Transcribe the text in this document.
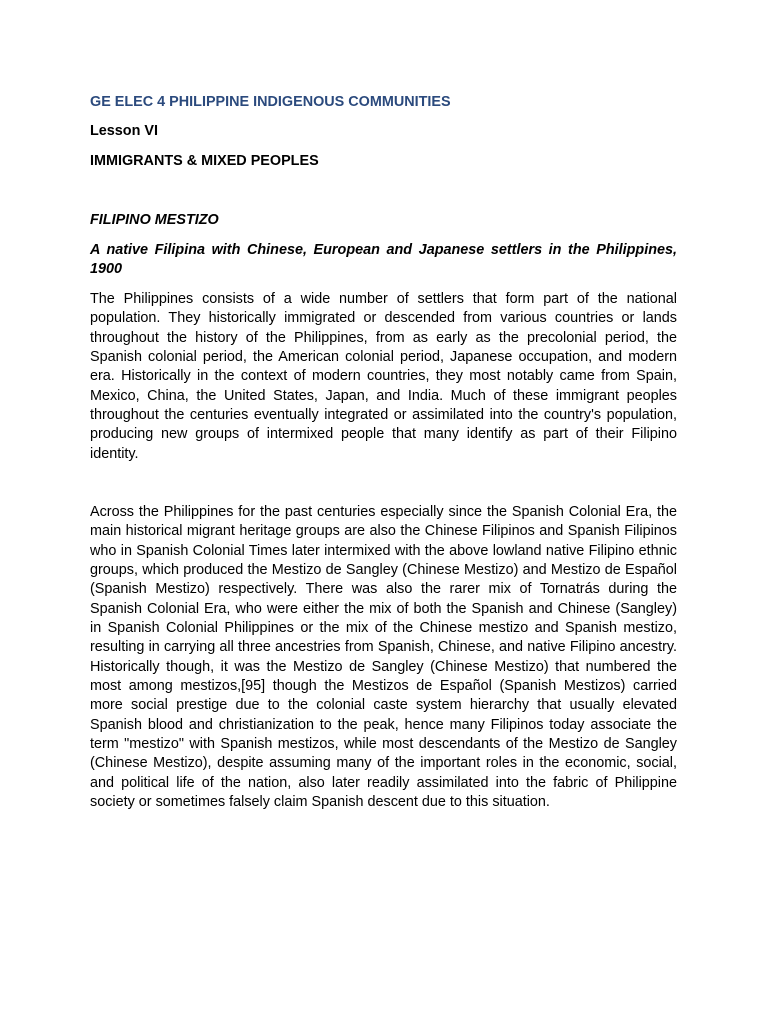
GE ELEC 4 PHILIPPINE INDIGENOUS COMMUNITIES
Lesson VI
IMMIGRANTS & MIXED PEOPLES
FILIPINO MESTIZO
A native Filipina with Chinese, European and Japanese settlers in the Philippines, 1900
The Philippines consists of a wide number of settlers that form part of the national population. They historically immigrated or descended from various countries or lands throughout the history of the Philippines, from as early as the precolonial period, the Spanish colonial period, the American colonial period, Japanese occupation, and modern era. Historically in the context of modern countries, they most notably came from Spain, Mexico, China, the United States, Japan, and India. Much of these immigrant peoples throughout the centuries eventually integrated or assimilated into the country's population, producing new groups of intermixed people that many identify as part of their Filipino identity.
Across the Philippines for the past centuries especially since the Spanish Colonial Era, the main historical migrant heritage groups are also the Chinese Filipinos and Spanish Filipinos who in Spanish Colonial Times later intermixed with the above lowland native Filipino ethnic groups, which produced the Mestizo de Sangley (Chinese Mestizo) and Mestizo de Español (Spanish Mestizo) respectively. There was also the rarer mix of Tornatrás during the Spanish Colonial Era, who were either the mix of both the Spanish and Chinese (Sangley) in Spanish Colonial Philippines or the mix of the Chinese mestizo and Spanish mestizo, resulting in carrying all three ancestries from Spanish, Chinese, and native Filipino ancestry. Historically though, it was the Mestizo de Sangley (Chinese Mestizo) that numbered the most among mestizos,[95] though the Mestizos de Español (Spanish Mestizos) carried more social prestige due to the colonial caste system hierarchy that usually elevated Spanish blood and christianization to the peak, hence many Filipinos today associate the term "mestizo" with Spanish mestizos, while most descendants of the Mestizo de Sangley (Chinese Mestizo), despite assuming many of the important roles in the economic, social, and political life of the nation, also later readily assimilated into the fabric of Philippine society or sometimes falsely claim Spanish descent due to this situation.
